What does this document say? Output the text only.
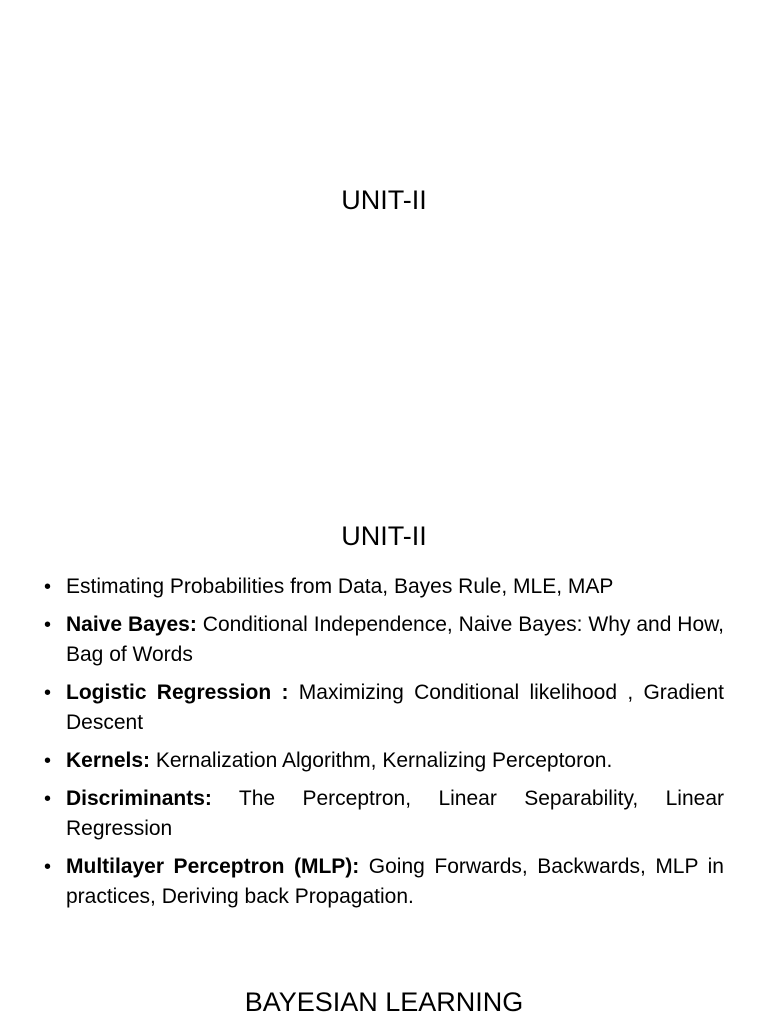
UNIT-II
UNIT-II
• Estimating Probabilities from Data, Bayes Rule, MLE, MAP
• Naive Bayes: Conditional Independence, Naive Bayes: Why and How, Bag of Words
• Logistic Regression : Maximizing Conditional likelihood , Gradient Descent
• Kernels: Kernalization Algorithm, Kernalizing Perceptoron.
• Discriminants: The Perceptron, Linear Separability, Linear Regression
• Multilayer Perceptron (MLP): Going Forwards, Backwards, MLP in practices, Deriving back Propagation.
BAYESIAN LEARNING
